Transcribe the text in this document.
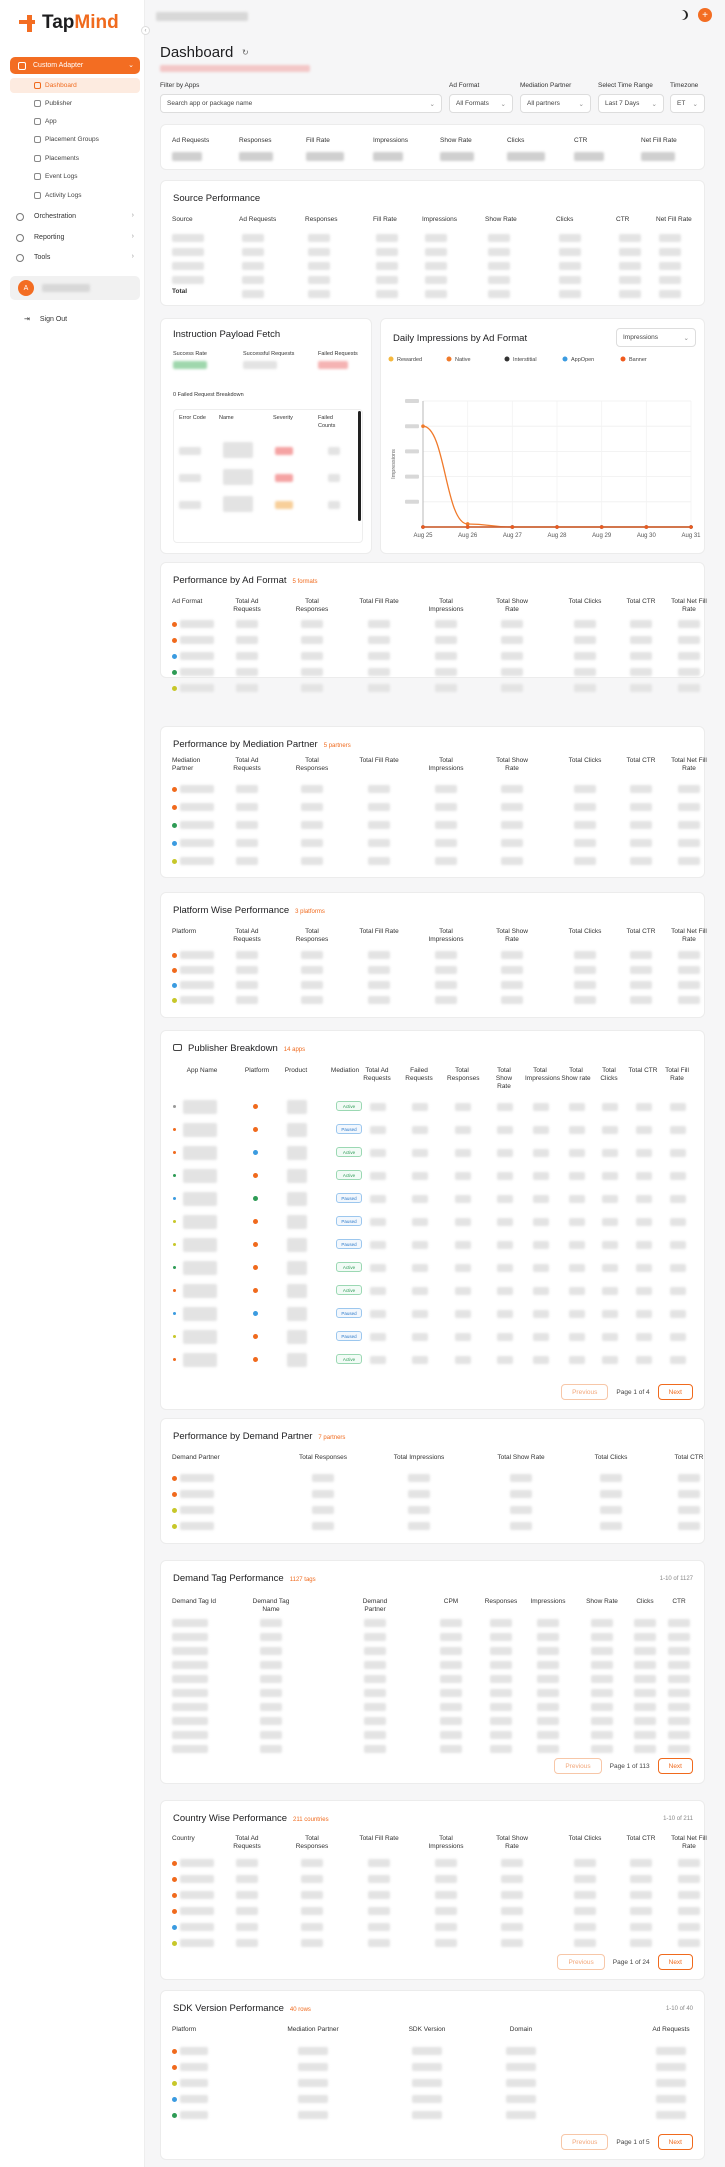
TapMind
Custom Adapter	⌄
Dashboard
Publisher
App
Placement Groups
Placements
Event Logs
Activity Logs
Orchestration	›
Reporting	›
Tools	›
A
⇥ Sign Out
‹
+
Dashboard ↻
Filter by Apps
Search app or package name	⌄
Ad Format
All Formats ⌄
Mediation Partner
All partners	⌄
Select Time Range
Last 7 Days ⌄
Timezone
ET ⌄
Ad Requests	Responses	Fill Rate	Impressions	Show Rate	Clicks	CTR	Net Fill Rate
Source Performance
Source	Ad Requests	Responses	Fill Rate	Impressions	Show Rate	Clicks	CTR	Net Fill Rate
Total
Instruction Payload Fetch
Success Rate	Successful Requests	Failed Requests
0 Failed Request Breakdown
Error Code	Name	Severity	Failed Counts
Daily Impressions by Ad Format	Impressions	⌄
Rewarded	Native	Interstitial	AppOpen	Banner
Aug 25	Aug 26	Aug 27	Aug 28	Aug 29	Aug 30	Aug 31
Impressions
Performance by Ad Format 5 formats
Ad Format	Total Ad Requests
Total Responses
Total Fill Rate	Total Impressions
Total Show Rate
Total Clicks	Total CTR	Total Net Fill Rate
Performance by Mediation Partner 5 partners
Mediation Partner
Total Ad Requests
Total Responses
Total Fill Rate	Total Impressions
Total Show Rate
Total Clicks	Total CTR	Total Net Fill Rate
Platform Wise Performance 3 platforms
Platform	Total Ad Requests
Total Responses
Total Fill Rate	Total Impressions
Total Show Rate
Total Clicks	Total CTR	Total Net Fill Rate
Publisher Breakdown 14 apps
App Name	Platform	Product	Mediation Total Ad Requests
Failed Requests
Total Responses
Total Show Rate
Total Impressions
Total Show rate
Total Clicks
Total CTR	Total Fill Rate
Active
Paused
Active
Active
Paused
Paused
Paused
Active
Active
Paused
Paused
Active
Previous	Page 1 of 4	Next
Performance by Demand Partner 7 partners
Demand Partner	Total Responses	Total Impressions	Total Show Rate	Total Clicks	Total CTR
Demand Tag Performance 1127 tags	1-10 of 1127
Demand Tag Id	Demand Tag Name
Demand Partner
CPM	Responses	Impressions	Show Rate	Clicks	CTR
Previous	Page 1 of 113	Next
Country Wise Performance 211 countries	1-10 of 211
Country	Total Ad Requests
Total Responses
Total Fill Rate	Total Impressions
Total Show Rate
Total Clicks	Total CTR	Total Net Fill Rate
Previous	Page 1 of 24	Next
SDK Version Performance 40 rows	1-10 of 40
Platform	Mediation Partner	SDK Version	Domain	Ad Requests
Previous	Page 1 of 5	Next
